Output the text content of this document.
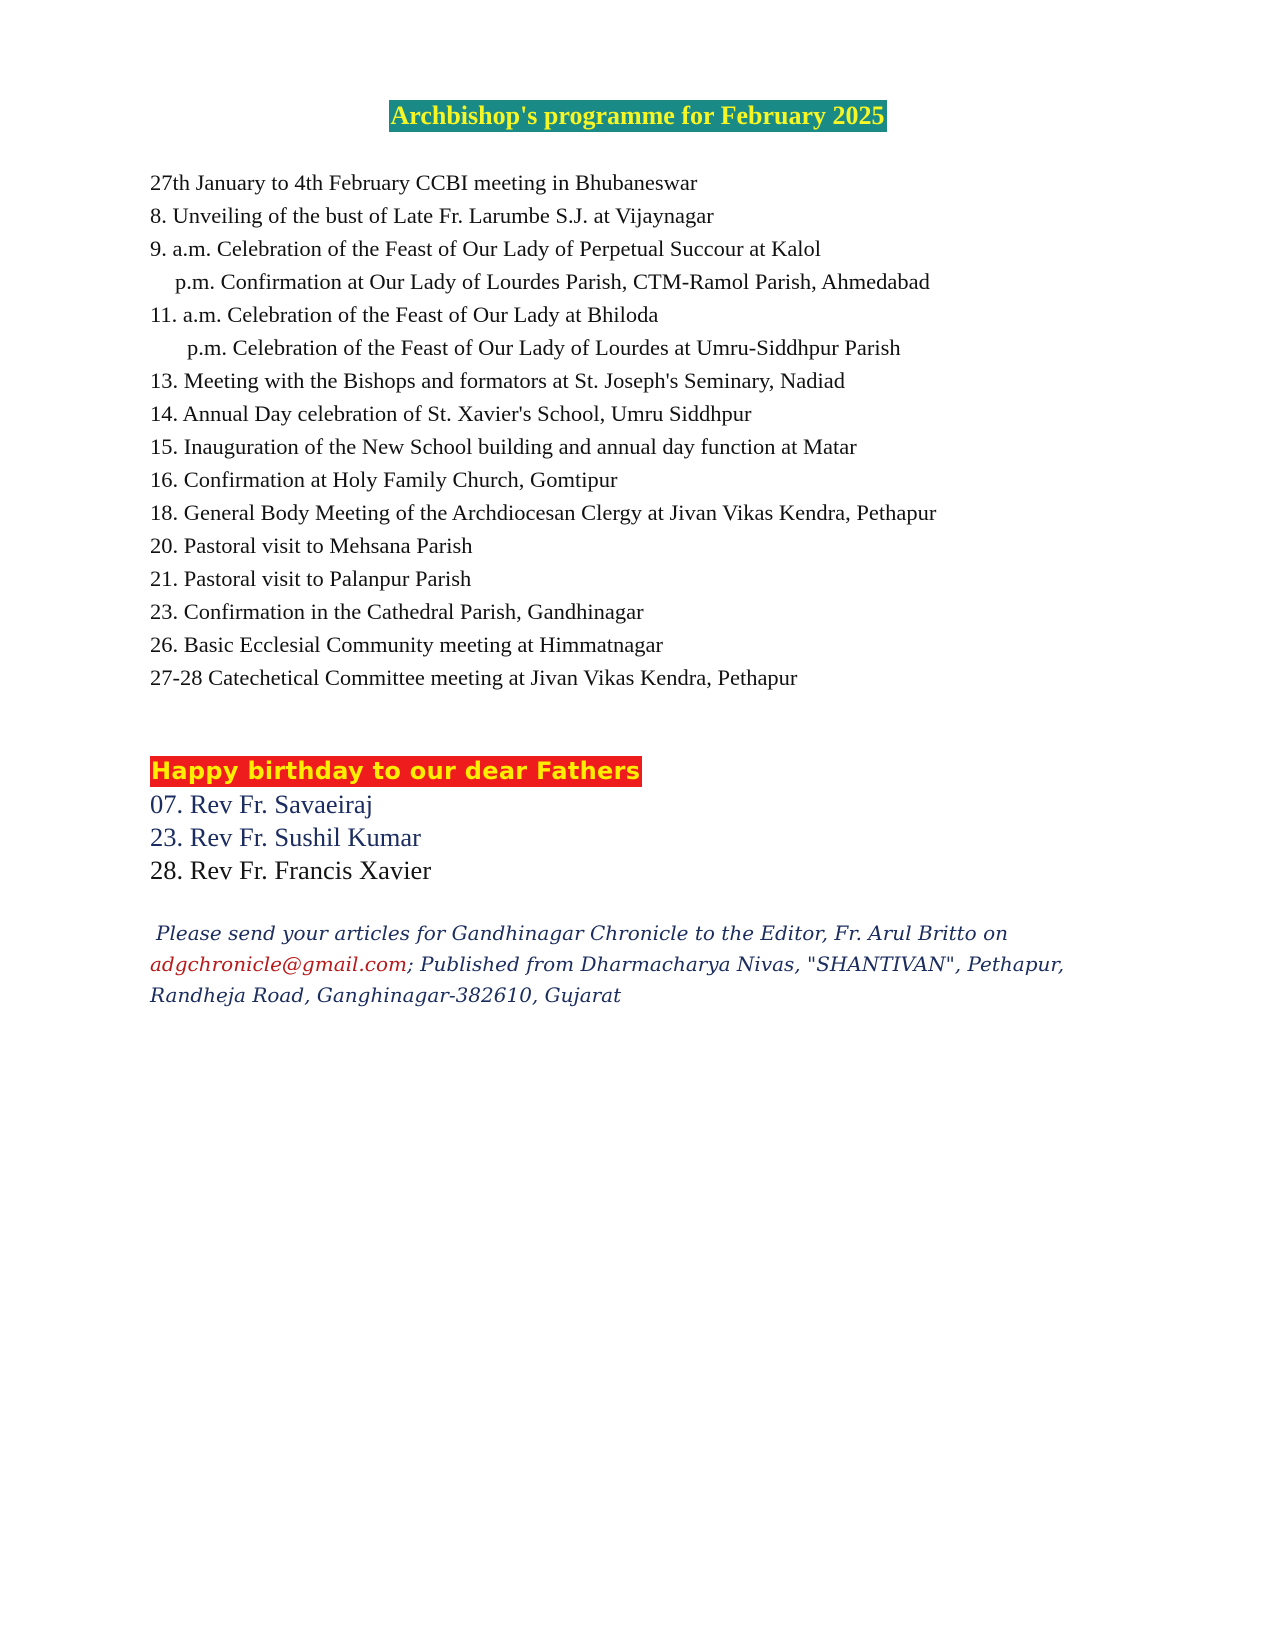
Archbishop's programme for February 2025
27th January to 4th February CCBI meeting in Bhubaneswar
8. Unveiling of the bust of Late Fr. Larumbe S.J. at Vijaynagar
9. a.m. Celebration of the Feast of Our Lady of Perpetual Succour at Kalol
p.m. Confirmation at Our Lady of Lourdes Parish, CTM-Ramol Parish, Ahmedabad
11. a.m. Celebration of the Feast of Our Lady at Bhiloda
p.m. Celebration of the Feast of Our Lady of Lourdes at Umru-Siddhpur Parish
13. Meeting with the Bishops and formators at St. Joseph's Seminary, Nadiad
14. Annual Day celebration of St. Xavier's School, Umru Siddhpur
15. Inauguration of the New School building and annual day function at Matar
16. Confirmation at Holy Family Church, Gomtipur
18. General Body Meeting of the Archdiocesan Clergy at Jivan Vikas Kendra, Pethapur
20. Pastoral visit to Mehsana Parish
21. Pastoral visit to Palanpur Parish
23. Confirmation in the Cathedral Parish, Gandhinagar
26. Basic Ecclesial Community meeting at Himmatnagar
27-28 Catechetical Committee meeting at Jivan Vikas Kendra, Pethapur
Happy birthday to our dear Fathers
07. Rev Fr. Savaeiraj
23. Rev Fr. Sushil Kumar
28. Rev Fr. Francis Xavier
Please send your articles for Gandhinagar Chronicle to the Editor, Fr. Arul Britto on
adgchronicle@gmail.com; Published from Dharmacharya Nivas, "SHANTIVAN", Pethapur,
Randheja Road, Ganghinagar-382610, Gujarat
